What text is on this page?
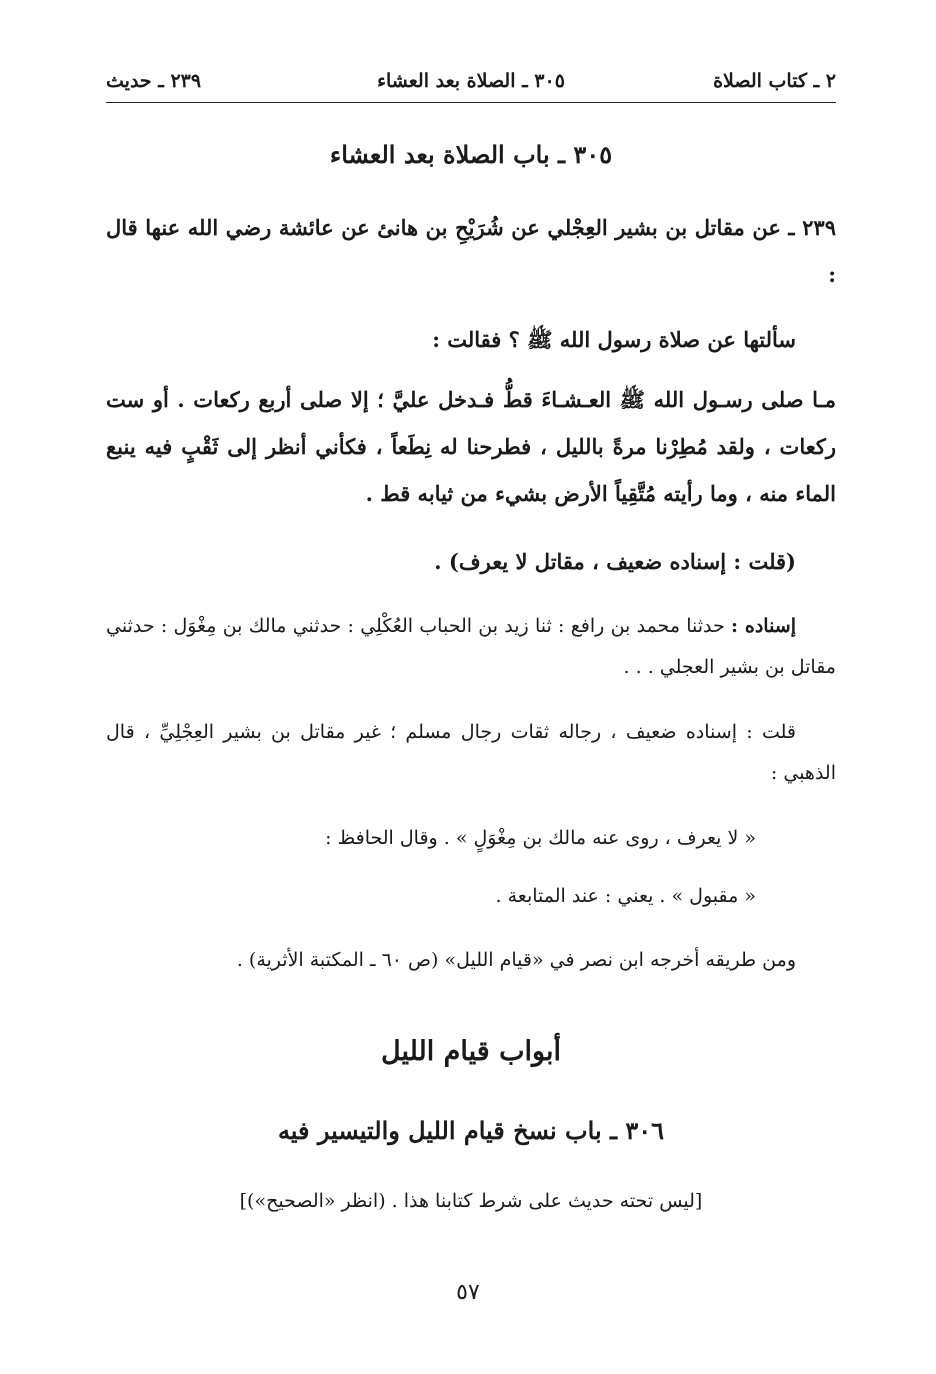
٢ ـ كتاب الصلاة
٣٠٥ ـ الصلاة بعد العشاء
٢٣٩ ـ حديث
٣٠٥ ـ باب الصلاة بعد العشاء
٢٣٩ ـ عن مقاتل بن بشير العِجْلي عن شُرَيْحِ بن هانئ عن عائشة رضي الله عنها قال :
سألتها عن صلاة رسول الله ﷺ ؟ فقالت :
مـا صلى رسـول الله ﷺ العـشـاءَ قطُّ فـدخل عليَّ ؛ إلا صلى أربع ركعات . أو ست ركعات ، ولقد مُطِرْنا مرةً بالليل ، فطرحنا له نِطَعاً ، فكأني أنظر إلى ثَقْبٍ فيه ينبع الماء منه ، وما رأيته مُتَّقِياً الأرض بشيء من ثيابه قط .
(قلت : إسناده ضعيف ، مقاتل لا يعرف) .
إسناده : حدثنا محمد بن رافع : ثنا زيد بن الحباب العُكْلِي : حدثني مالك بن مِغْوَل : حدثني مقاتل بن بشير العجلي . . .
قلت : إسناده ضعيف ، رجاله ثقات رجال مسلم ؛ غير مقاتل بن بشير العِجْلِيِّ ، قال الذهبي :
« لا يعرف ، روى عنه مالك بن مِغْوَلٍ » . وقال الحافظ :
« مقبول » . يعني : عند المتابعة .
ومن طريقه أخرجه ابن نصر في «قيام الليل» (ص ٦٠ ـ المكتبة الأثرية) .
أبواب قيام الليل
٣٠٦ ـ باب نسخ قيام الليل والتيسير فيه
[ليس تحته حديث على شرط كتابنا هذا . (انظر «الصحيح»)]
٥٧
